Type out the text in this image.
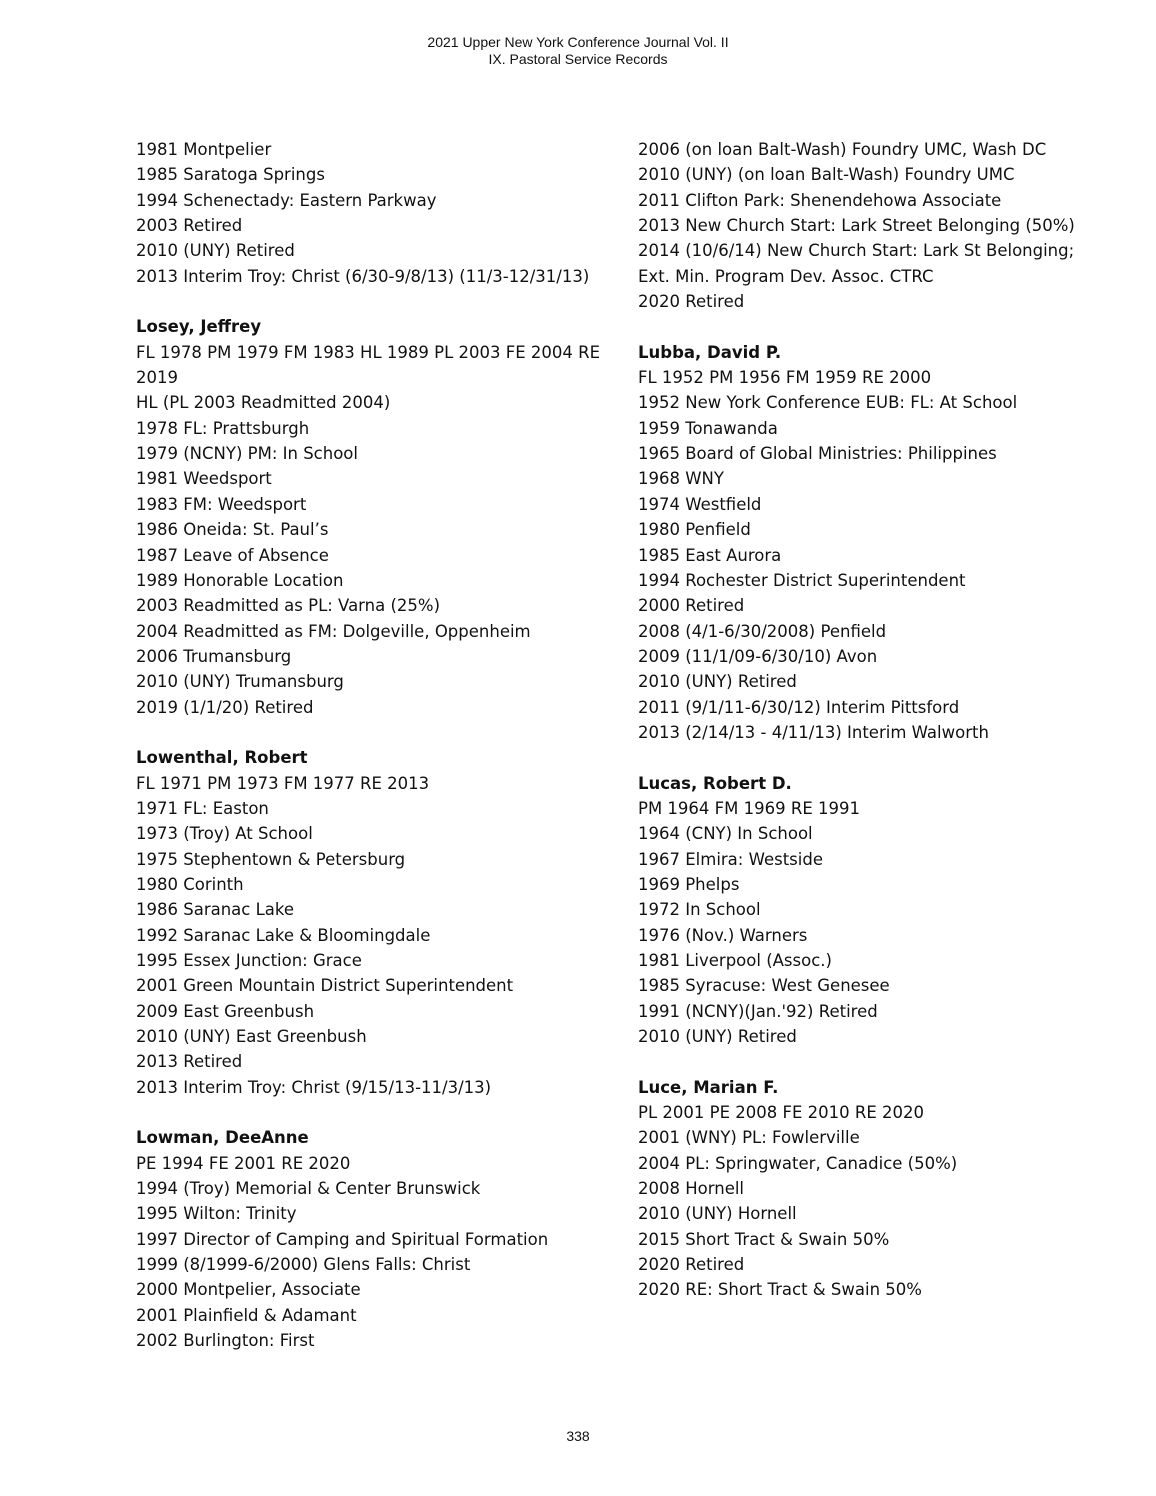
2021 Upper New York Conference Journal Vol. II
IX. Pastoral Service Records
1981 Montpelier
1985 Saratoga Springs
1994 Schenectady: Eastern Parkway
2003 Retired
2010 (UNY) Retired
2013 Interim Troy: Christ (6/30-9/8/13) (11/3-12/31/13)
Losey, Jeffrey
FL 1978 PM 1979 FM 1983 HL 1989 PL 2003 FE 2004 RE 2019
HL (PL 2003 Readmitted 2004)
1978 FL: Prattsburgh
1979 (NCNY) PM: In School
1981 Weedsport
1983 FM: Weedsport
1986 Oneida: St. Paul’s
1987 Leave of Absence
1989 Honorable Location
2003 Readmitted as PL: Varna (25%)
2004 Readmitted as FM: Dolgeville, Oppenheim
2006 Trumansburg
2010 (UNY) Trumansburg
2019 (1/1/20) Retired
Lowenthal, Robert
FL 1971 PM 1973 FM 1977 RE 2013
1971 FL: Easton
1973 (Troy) At School
1975 Stephentown & Petersburg
1980 Corinth
1986 Saranac Lake
1992 Saranac Lake & Bloomingdale
1995 Essex Junction: Grace
2001 Green Mountain District Superintendent
2009 East Greenbush
2010 (UNY) East Greenbush
2013 Retired
2013 Interim Troy: Christ (9/15/13-11/3/13)
Lowman, DeeAnne
PE 1994 FE 2001 RE 2020
1994 (Troy) Memorial & Center Brunswick
1995 Wilton: Trinity
1997 Director of Camping and Spiritual Formation
1999 (8/1999-6/2000) Glens Falls: Christ
2000 Montpelier, Associate
2001 Plainfield & Adamant
2002 Burlington: First
2006 (on loan Balt-Wash) Foundry UMC, Wash DC
2010 (UNY) (on loan Balt-Wash) Foundry UMC
2011 Clifton Park: Shenendehowa Associate
2013 New Church Start: Lark Street Belonging (50%)
2014 (10/6/14) New Church Start: Lark St Belonging; Ext. Min. Program Dev. Assoc. CTRC
2020 Retired
Lubba, David P.
FL 1952 PM 1956 FM 1959 RE 2000
1952 New York Conference EUB: FL: At School
1959 Tonawanda
1965 Board of Global Ministries: Philippines
1968 WNY
1974 Westfield
1980 Penfield
1985 East Aurora
1994 Rochester District Superintendent
2000 Retired
2008 (4/1-6/30/2008) Penfield
2009 (11/1/09-6/30/10) Avon
2010 (UNY) Retired
2011 (9/1/11-6/30/12) Interim Pittsford
2013 (2/14/13 - 4/11/13) Interim Walworth
Lucas, Robert D.
PM 1964 FM 1969 RE 1991
1964 (CNY) In School
1967 Elmira: Westside
1969 Phelps
1972 In School
1976 (Nov.) Warners
1981 Liverpool (Assoc.)
1985 Syracuse: West Genesee
1991 (NCNY)(Jan.'92) Retired
2010 (UNY) Retired
Luce, Marian F.
PL 2001 PE 2008 FE 2010 RE 2020
2001 (WNY) PL: Fowlerville
2004 PL: Springwater, Canadice (50%)
2008 Hornell
2010 (UNY) Hornell
2015 Short Tract & Swain 50%
2020 Retired
2020 RE: Short Tract & Swain 50%
338
